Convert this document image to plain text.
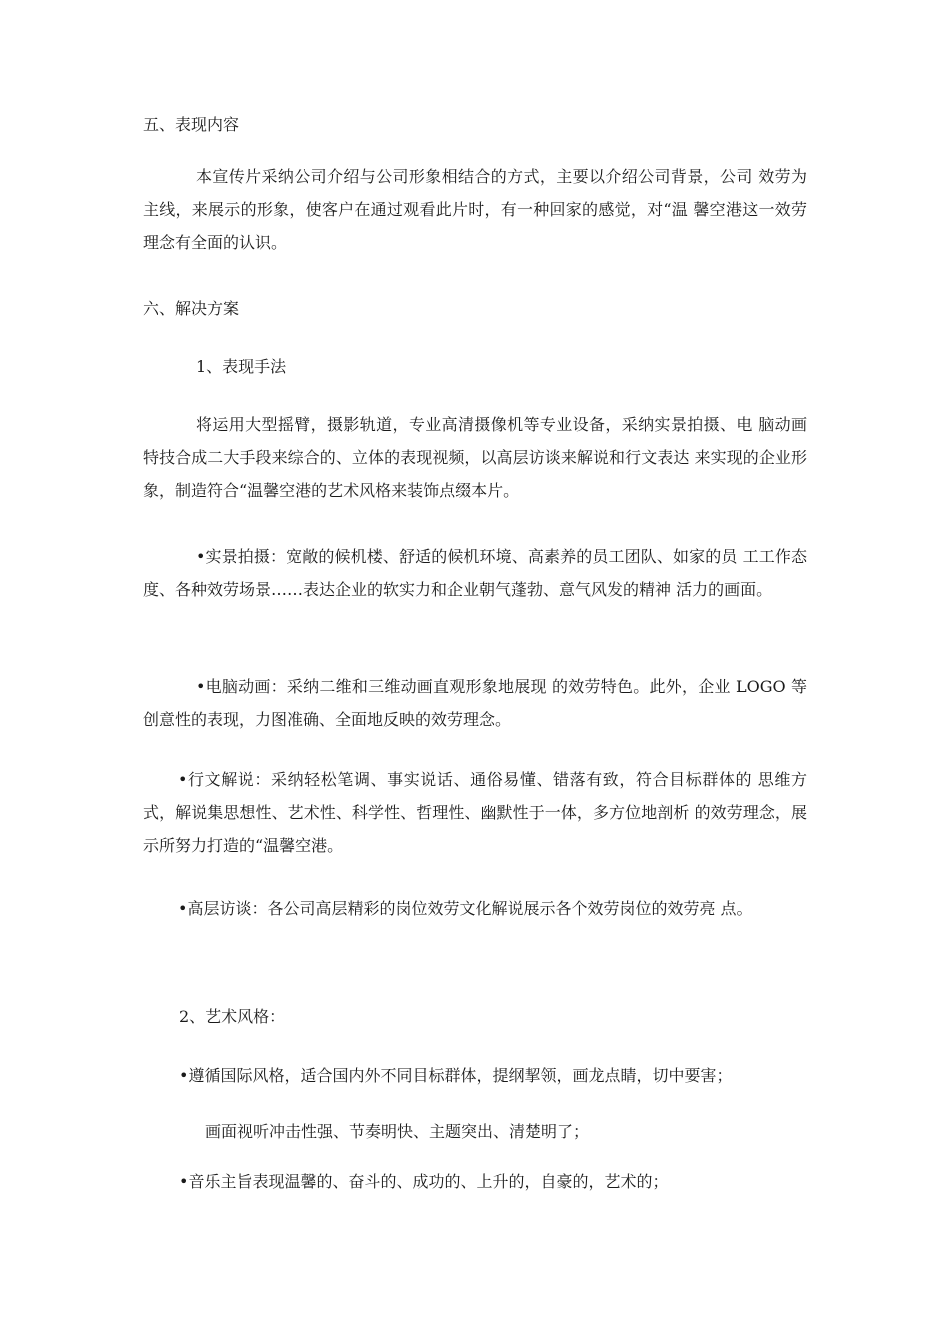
五、表现内容

本宣传片采纳公司介绍与公司形象相结合的方式，主要以介绍公司背景，公司 效劳为主线，来展示的形象，使客户在通过观看此片时，有一种回家的感觉，对“温 馨空港这一效劳理念有全面的认识。

六、解决方案

1、表现手法

将运用大型摇臂，摄影轨道，专业高清摄像机等专业设备，采纳实景拍摄、电 脑动画特技合成二大手段来综合的、立体的表现视频，以高层访谈来解说和行文表达 来实现的企业形象，制造符合“温馨空港的艺术风格来装饰点缀本片。

•实景拍摄：宽敞的候机楼、舒适的候机环境、高素养的员工团队、如家的员 工工作态度、各种效劳场景……表达企业的软实力和企业朝气蓬勃、意气风发的精神 活力的画面。

•电脑动画：采纳二维和三维动画直观形象地展现 的效劳特色。此外，企业 LOGO 等创意性的表现，力图准确、全面地反映的效劳理念。

•行文解说：采纳轻松笔调、事实说话、通俗易懂、错落有致，符合目标群体的 思维方式，解说集思想性、艺术性、科学性、哲理性、幽默性于一体，多方位地剖析 的效劳理念，展示所努力打造的“温馨空港。

•高层访谈：各公司高层精彩的岗位效劳文化解说展示各个效劳岗位的效劳亮 点。

2、艺术风格：

•遵循国际风格，适合国内外不同目标群体，提纲挈领，画龙点睛，切中要害；

画面视听冲击性强、节奏明快、主题突出、清楚明了；

•音乐主旨表现温馨的、奋斗的、成功的、上升的，自豪的，艺术的；
